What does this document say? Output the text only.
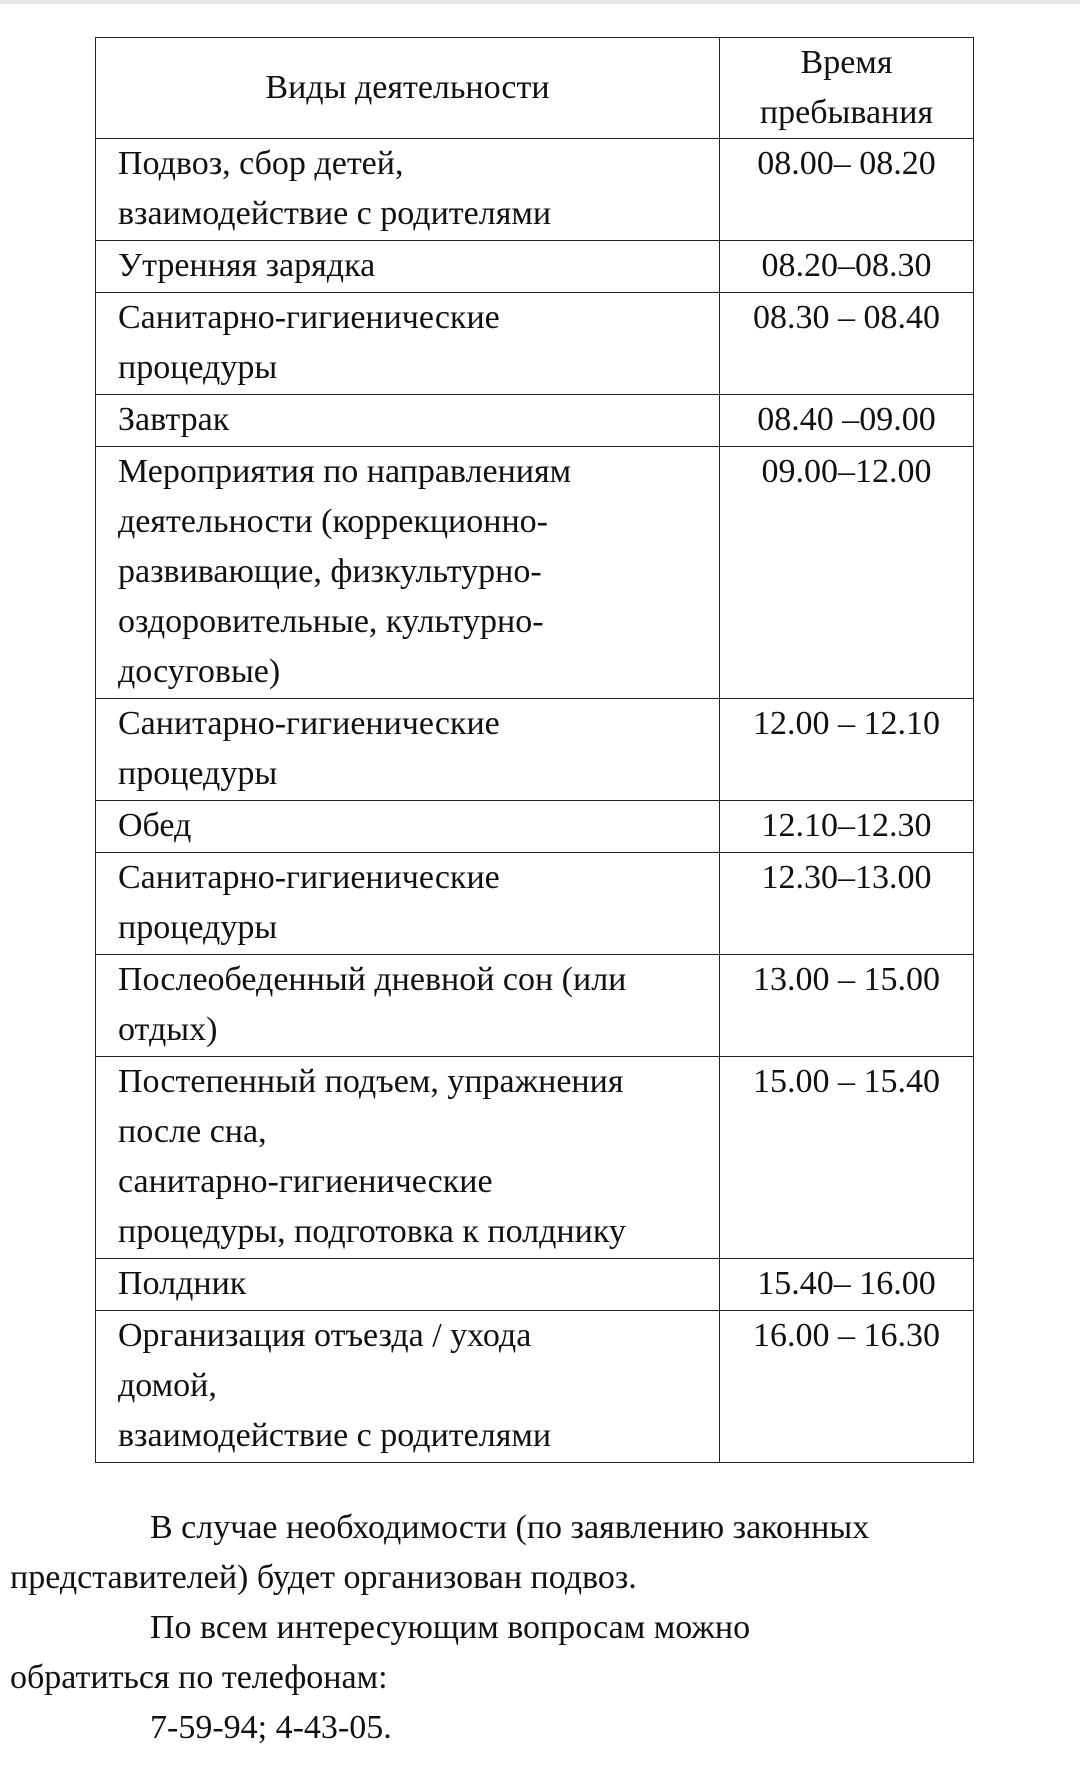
Виды деятельности	Время
пребывания

Подвоз, сбор детей,
взаимодействие с родителями	08.00– 08.20

Утренняя зарядка	08.20–08.30

Санитарно-гигиенические
процедуры	08.30 – 08.40

Завтрак	08.40 –09.00

Мероприятия по направлениям
деятельности (коррекционно-
развивающие, физкультурно-
оздоровительные, культурно-
досуговые)	09.00–12.00

Санитарно-гигиенические
процедуры	12.00 – 12.10

Обед	12.10–12.30

Санитарно-гигиенические
процедуры	12.30–13.00

Послеобеденный дневной сон (или
отдых)	13.00 – 15.00

Постепенный подъем, упражнения
после сна,
санитарно-гигиенические
процедуры, подготовка к полднику	15.00 – 15.40

Полдник	15.40– 16.00

Организация отъезда / ухода
домой,
взаимодействие с родителями	16.00 – 16.30

В случае необходимости (по заявлению законных
представителей) будет организован подвоз.

По всем интересующим вопросам можно
обратиться по телефонам:

7-59-94; 4-43-05.
